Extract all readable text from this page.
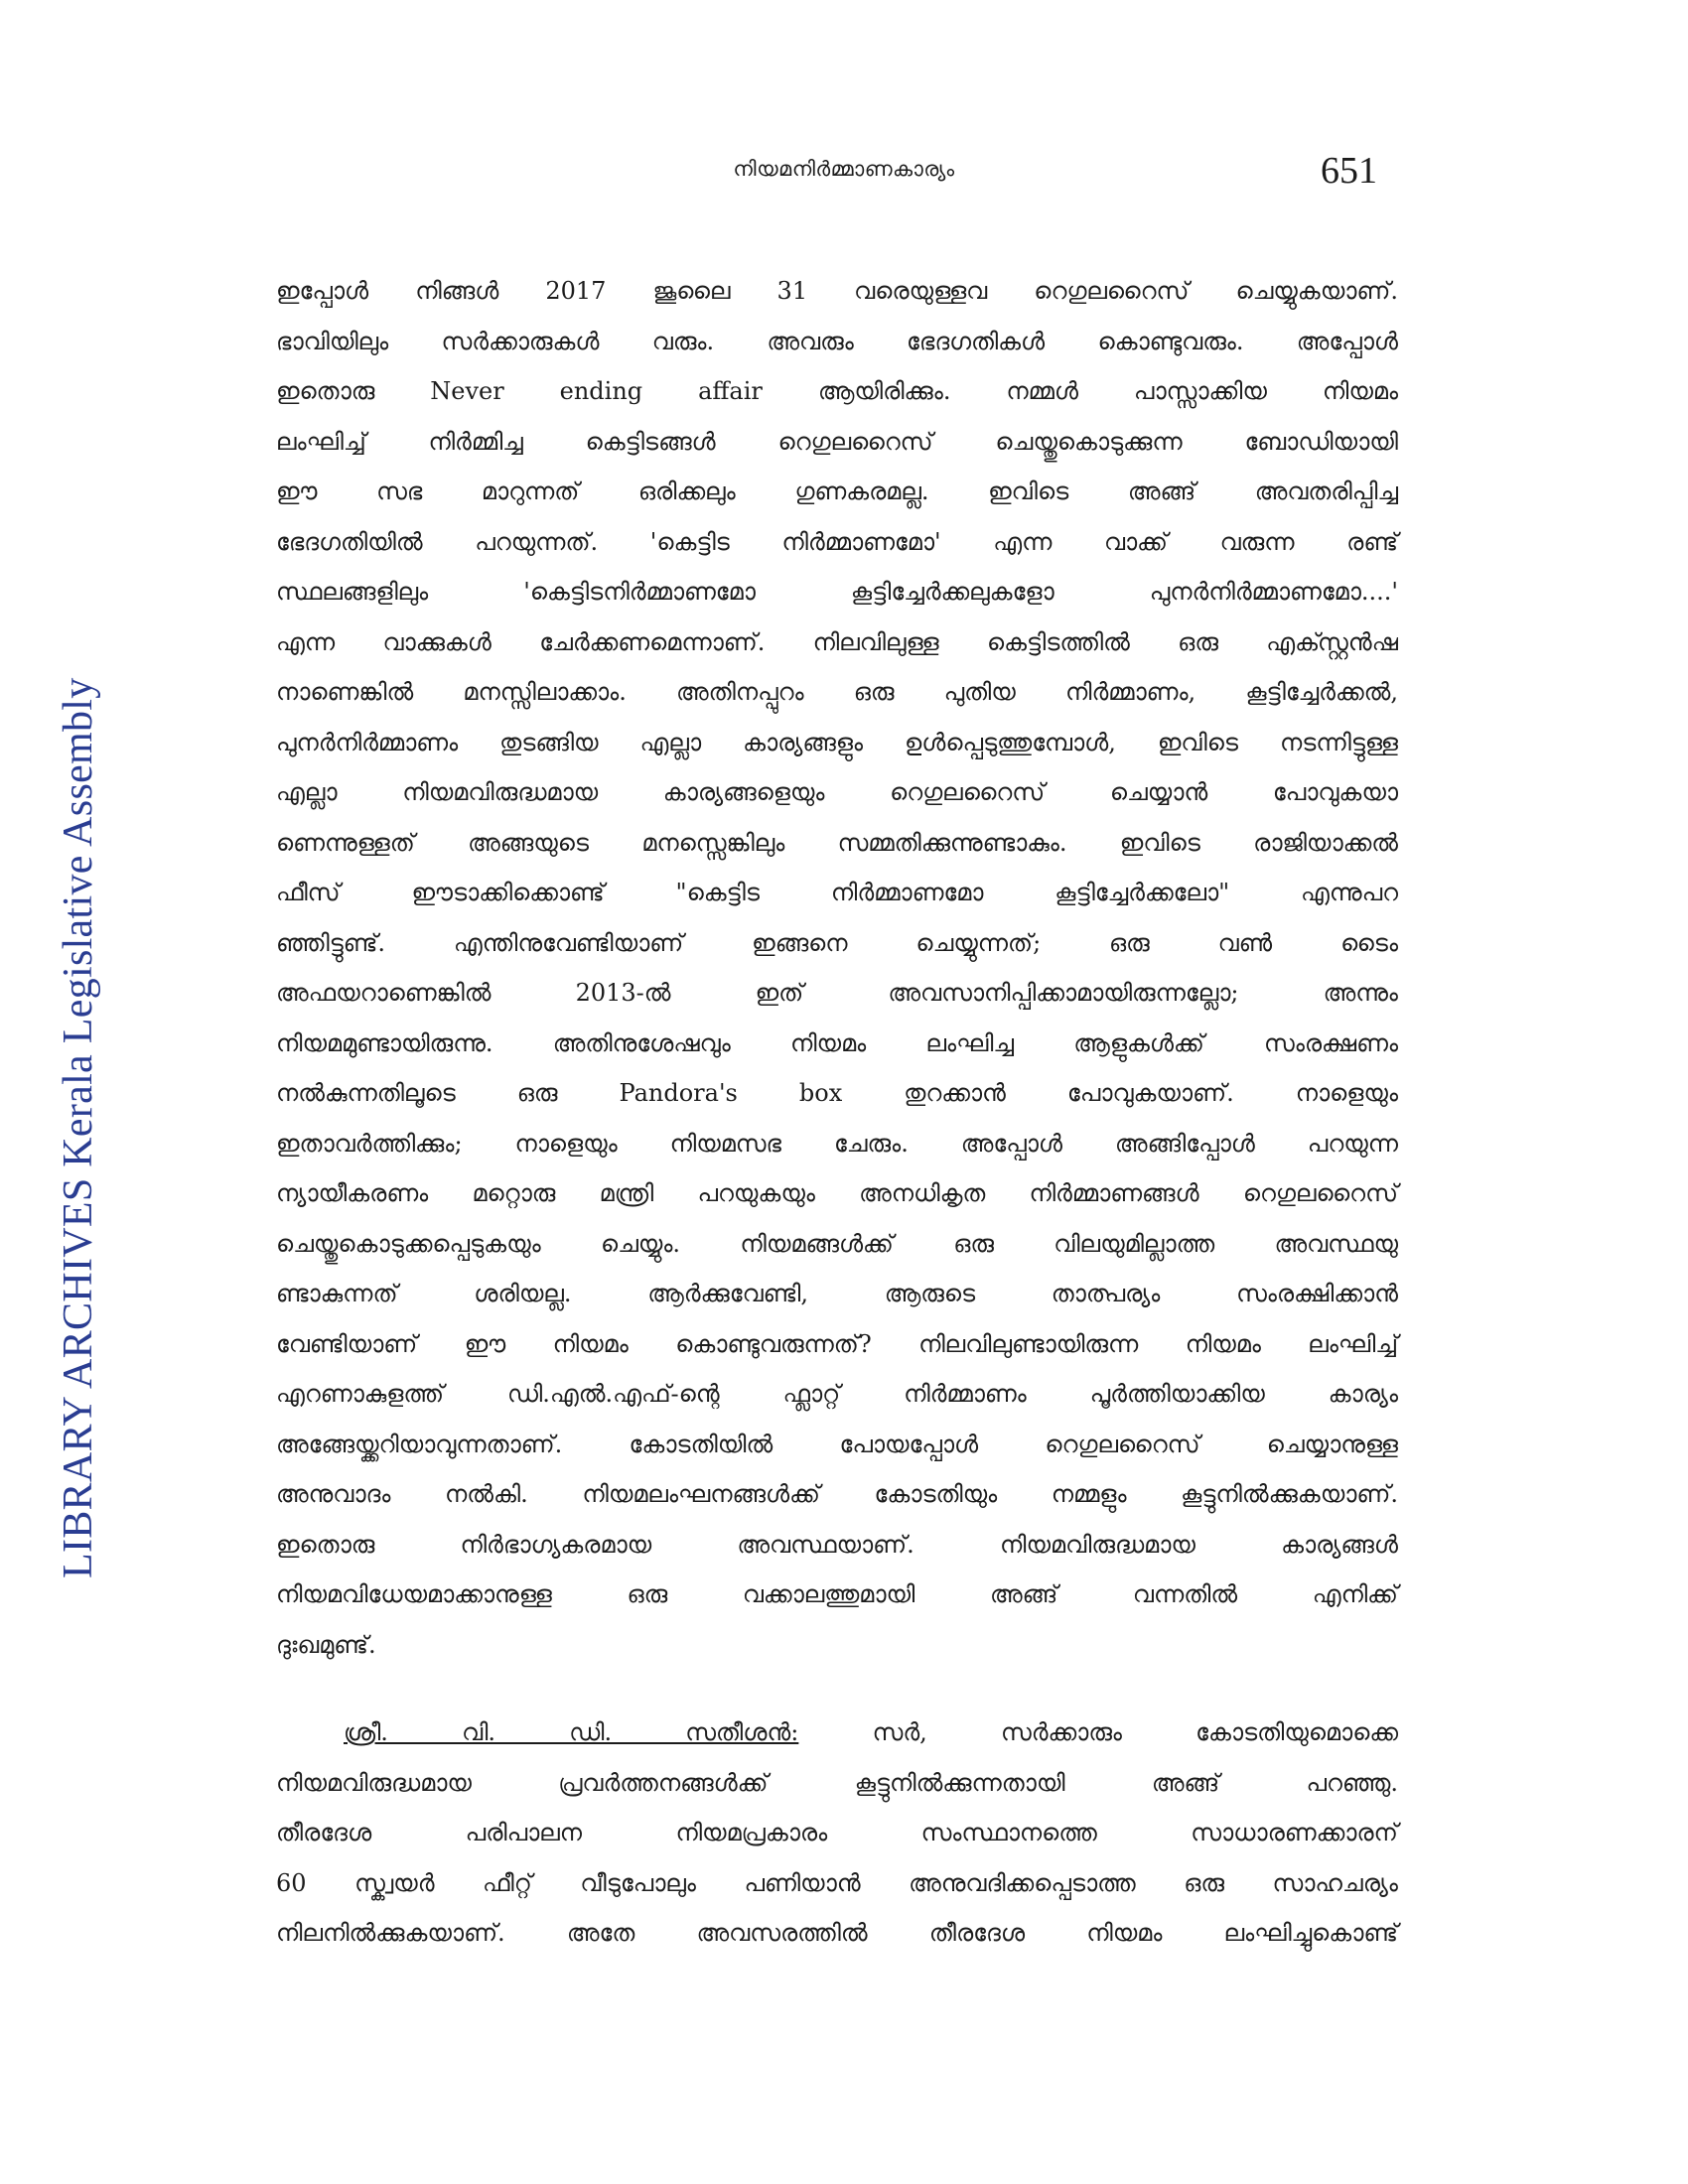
നിയമനിർമ്മാണകാര്യം	651
LIBRARY ARCHIVES Kerala Legislative Assembly
ഇപ്പോൾ നിങ്ങൾ 2017 ജൂലൈ 31 വരെയുള്ളവ റെഗുലറൈസ് ചെയ്യുകയാണ്.
ഭാവിയിലും സർക്കാരുകൾ വരും. അവരും ഭേദഗതികൾ കൊണ്ടുവരും. അപ്പോൾ
ഇതൊരു Never ending affair ആയിരിക്കും. നമ്മൾ പാസ്സാക്കിയ നിയമം
ലംഘിച്ച് നിർമ്മിച്ച കെട്ടിടങ്ങൾ റെഗുലറൈസ് ചെയ്തുകൊടുക്കുന്ന ബോഡിയായി
ഈ സഭ മാറുന്നത് ഒരിക്കലും ഗുണകരമല്ല. ഇവിടെ അങ്ങ് അവതരിപ്പിച്ച
ഭേദഗതിയിൽ പറയുന്നത്. 'കെട്ടിട നിർമ്മാണമോ' എന്ന വാക്ക് വരുന്ന രണ്ട്
സ്ഥലങ്ങളിലും 'കെട്ടിടനിർമ്മാണമോ കൂട്ടിച്ചേർക്കലുകളോ പുനർനിർമ്മാണമോ....'
എന്ന വാക്കുകൾ ചേർക്കണമെന്നാണ്. നിലവിലുള്ള കെട്ടിടത്തിൽ ഒരു എക്സ്റ്റൻഷ
നാണെങ്കിൽ മനസ്സിലാക്കാം. അതിനപ്പുറം ഒരു പുതിയ നിർമ്മാണം, കൂട്ടിച്ചേർക്കൽ,
പുനർനിർമ്മാണം തുടങ്ങിയ എല്ലാ കാര്യങ്ങളും ഉൾപ്പെടുത്തുമ്പോൾ, ഇവിടെ നടന്നിട്ടുള്ള
എല്ലാ നിയമവിരുദ്ധമായ കാര്യങ്ങളെയും റെഗുലറൈസ് ചെയ്യാൻ പോവുകയാ
ണെന്നുള്ളത് അങ്ങയുടെ മനസ്സെങ്കിലും സമ്മതിക്കുന്നുണ്ടാകും. ഇവിടെ രാജിയാക്കൽ
ഫീസ് ഈടാക്കിക്കൊണ്ട് "കെട്ടിട നിർമ്മാണമോ കൂട്ടിച്ചേർക്കലോ" എന്നുപറ
ഞ്ഞിട്ടുണ്ട്. എന്തിനുവേണ്ടിയാണ് ഇങ്ങനെ ചെയ്യുന്നത്; ഒരു വൺ ടൈം
അഫയറാണെങ്കിൽ 2013-ൽ ഇത് അവസാനിപ്പിക്കാമായിരുന്നല്ലോ; അന്നും
നിയമമുണ്ടായിരുന്നു. അതിനുശേഷവും നിയമം ലംഘിച്ച ആളുകൾക്ക് സംരക്ഷണം
നൽകുന്നതിലൂടെ ഒരു Pandora's box തുറക്കാൻ പോവുകയാണ്. നാളെയും
ഇതാവർത്തിക്കും; നാളെയും നിയമസഭ ചേരും. അപ്പോൾ അങ്ങിപ്പോൾ പറയുന്ന
ന്യായീകരണം മറ്റൊരു മന്ത്രി പറയുകയും അനധികൃത നിർമ്മാണങ്ങൾ റെഗുലറൈസ്
ചെയ്തുകൊടുക്കപ്പെടുകയും ചെയ്യും. നിയമങ്ങൾക്ക് ഒരു വിലയുമില്ലാത്ത അവസ്ഥയു
ണ്ടാകുന്നത് ശരിയല്ല. ആർക്കുവേണ്ടി, ആരുടെ താത്പര്യം സംരക്ഷിക്കാൻ
വേണ്ടിയാണ് ഈ നിയമം കൊണ്ടുവരുന്നത്? നിലവിലുണ്ടായിരുന്ന നിയമം ലംഘിച്ച്
എറണാകുളത്ത് ഡി.എൽ.എഫ്-ന്റെ ഫ്ലാറ്റ് നിർമ്മാണം പൂർത്തിയാക്കിയ കാര്യം
അങ്ങേയ്ക്കറിയാവുന്നതാണ്. കോടതിയിൽ പോയപ്പോൾ റെഗുലറൈസ് ചെയ്യാനുള്ള
അനുവാദം നൽകി. നിയമലംഘനങ്ങൾക്ക് കോടതിയും നമ്മളും കൂട്ടുനിൽക്കുകയാണ്.
ഇതൊരു നിർഭാഗ്യകരമായ അവസ്ഥയാണ്. നിയമവിരുദ്ധമായ കാര്യങ്ങൾ
നിയമവിധേയമാക്കാനുള്ള ഒരു വക്കാലത്തുമായി അങ്ങ് വന്നതിൽ എനിക്ക്
ദുഃഖമുണ്ട്.
ശ്രീ. വി. ഡി. സതീശൻ:	സർ, സർക്കാരും കോടതിയുമൊക്കെ
നിയമവിരുദ്ധമായ പ്രവർത്തനങ്ങൾക്ക് കൂട്ടുനിൽക്കുന്നതായി അങ്ങ് പറഞ്ഞു.
തീരദേശ പരിപാലന നിയമപ്രകാരം സംസ്ഥാനത്തെ സാധാരണക്കാരന്
60 സ്ക്വയർ ഫീറ്റ് വീടുപോലും പണിയാൻ അനുവദിക്കപ്പെടാത്ത ഒരു സാഹചര്യം
നിലനിൽക്കുകയാണ്. അതേ അവസരത്തിൽ തീരദേശ നിയമം ലംഘിച്ചുകൊണ്ട്
